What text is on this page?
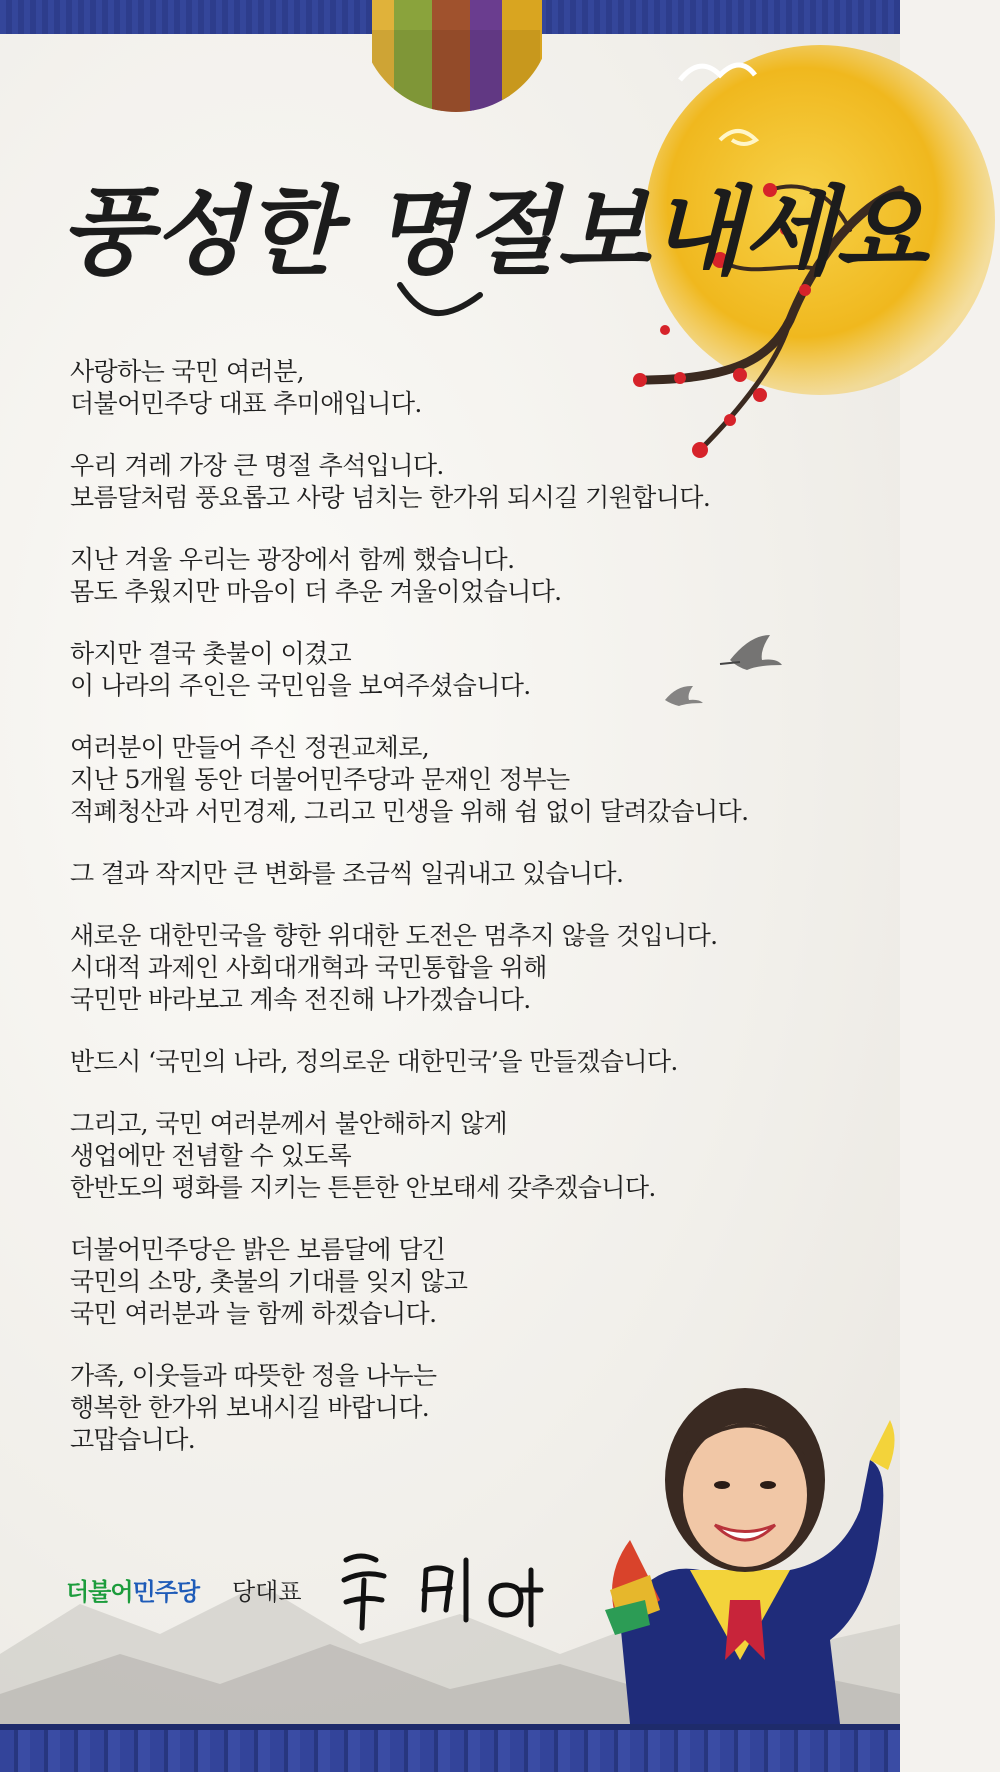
풍성한 명절보내세요

사랑하는 국민 여러분,
더불어민주당 대표 추미애입니다.

우리 겨레 가장 큰 명절 추석입니다.
보름달처럼 풍요롭고 사랑 넘치는 한가위 되시길 기원합니다.

지난 겨울 우리는 광장에서 함께 했습니다.
몸도 추웠지만 마음이 더 추운 겨울이었습니다.

하지만 결국 촛불이 이겼고
이 나라의 주인은 국민임을 보여주셨습니다.

여러분이 만들어 주신 정권교체로,
지난 5개월 동안 더불어민주당과 문재인 정부는
적폐청산과 서민경제, 그리고 민생을 위해 쉼 없이 달려갔습니다.

그 결과 작지만 큰 변화를 조금씩 일궈내고 있습니다.

새로운 대한민국을 향한 위대한 도전은 멈추지 않을 것입니다.
시대적 과제인 사회대개혁과 국민통합을 위해
국민만 바라보고 계속 전진해 나가겠습니다.

반드시 ‘국민의 나라, 정의로운 대한민국’을 만들겠습니다.

그리고, 국민 여러분께서 불안해하지 않게
생업에만 전념할 수 있도록
한반도의 평화를 지키는 튼튼한 안보태세 갖추겠습니다.

더불어민주당은 밝은 보름달에 담긴
국민의 소망, 촛불의 기대를 잊지 않고
국민 여러분과 늘 함께 하겠습니다.

가족, 이웃들과 따뜻한 정을 나누는
행복한 한가위 보내시길 바랍니다.
고맙습니다.

더불어민주당 당대표
